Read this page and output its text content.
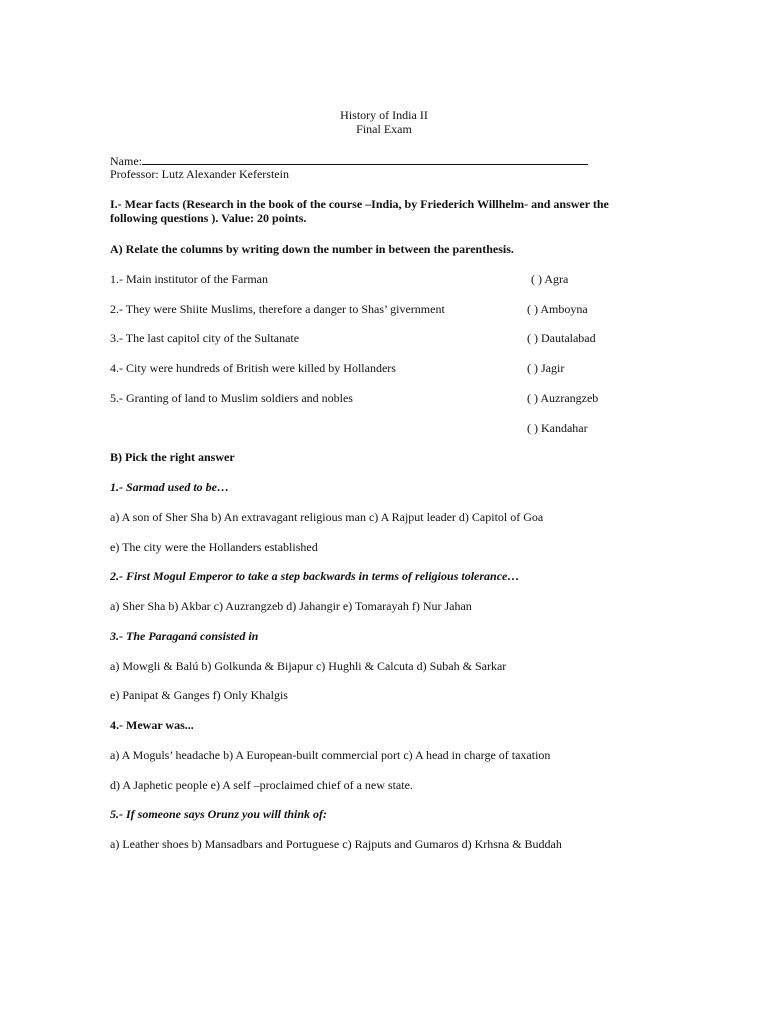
History of India II
Final Exam
Name:
Professor: Lutz Alexander Keferstein
I.- Mear facts (Research in the book of the course –India, by Friederich Willhelm- and answer the
following questions ). Value: 20 points.
A) Relate the columns by writing down the number in between the parenthesis.
1.- Main institutor of the Farman
2.- They were Shiite Muslims, therefore a danger to Shas’ givernment
3.- The last capitol city of the Sultanate
4.- City were hundreds of British were killed by Hollanders
5.- Granting of land to Muslim soldiers and nobles
( ) Agra
( ) Amboyna
( ) Dautalabad
( ) Jagir
( ) Auzrangzeb
( ) Kandahar
B) Pick the right answer
1.- Sarmad used to be…
a) A son of Sher Sha b) An extravagant religious man c) A Rajput leader d) Capitol of Goa
e) The city were the Hollanders established
2.- First Mogul Emperor to take a step backwards in terms of religious tolerance…
a) Sher Sha b) Akbar c) Auzrangzeb d) Jahangir e) Tomarayah f) Nur Jahan
3.- The Paraganá consisted in
a) Mowgli & Balú b) Golkunda & Bijapur c) Hughli & Calcuta d) Subah & Sarkar
e) Panipat & Ganges f) Only Khalgis
4.- Mewar was...
a) A Moguls’ headache b) A European-built commercial port c) A head in charge of taxation
d) A Japhetic people e) A self –proclaimed chief of a new state.
5.- If someone says Orunz you will think of:
a) Leather shoes b) Mansadbars and Portuguese c) Rajputs and Gumaros d) Krhsna & Buddah
